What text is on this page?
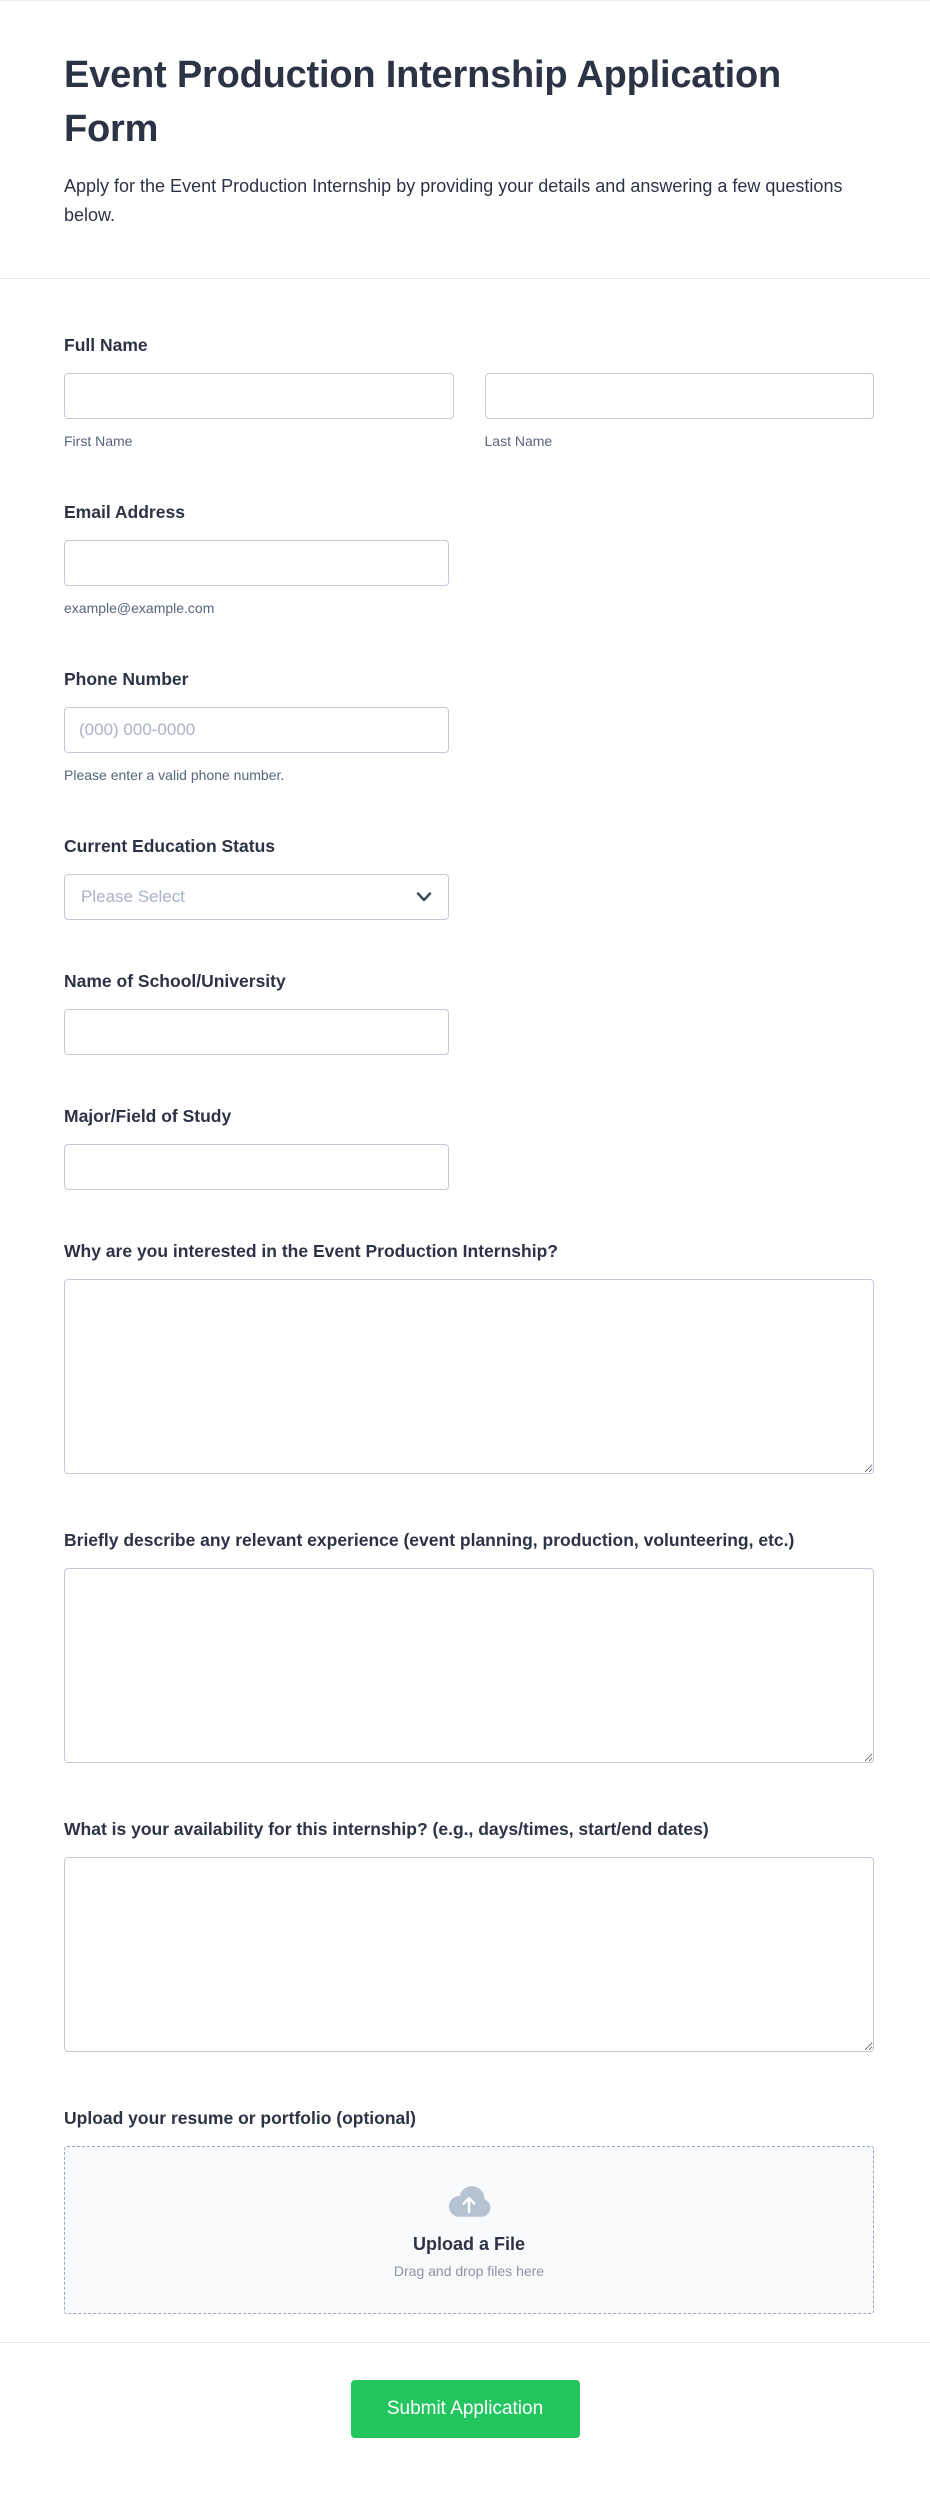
Event Production Internship Application Form

Apply for the Event Production Internship by providing your details and answering a few questions below.

Full Name
First Name	Last Name
Email Address
example@example.com
Phone Number
(000) 000-0000
Please enter a valid phone number.
Current Education Status
Please Select
Name of School/University
Major/Field of Study
Why are you interested in the Event Production Internship?
Briefly describe any relevant experience (event planning, production, volunteering, etc.)
What is your availability for this internship? (e.g., days/times, start/end dates)
Upload your resume or portfolio (optional)
Upload a File
Drag and drop files here
Submit Application
